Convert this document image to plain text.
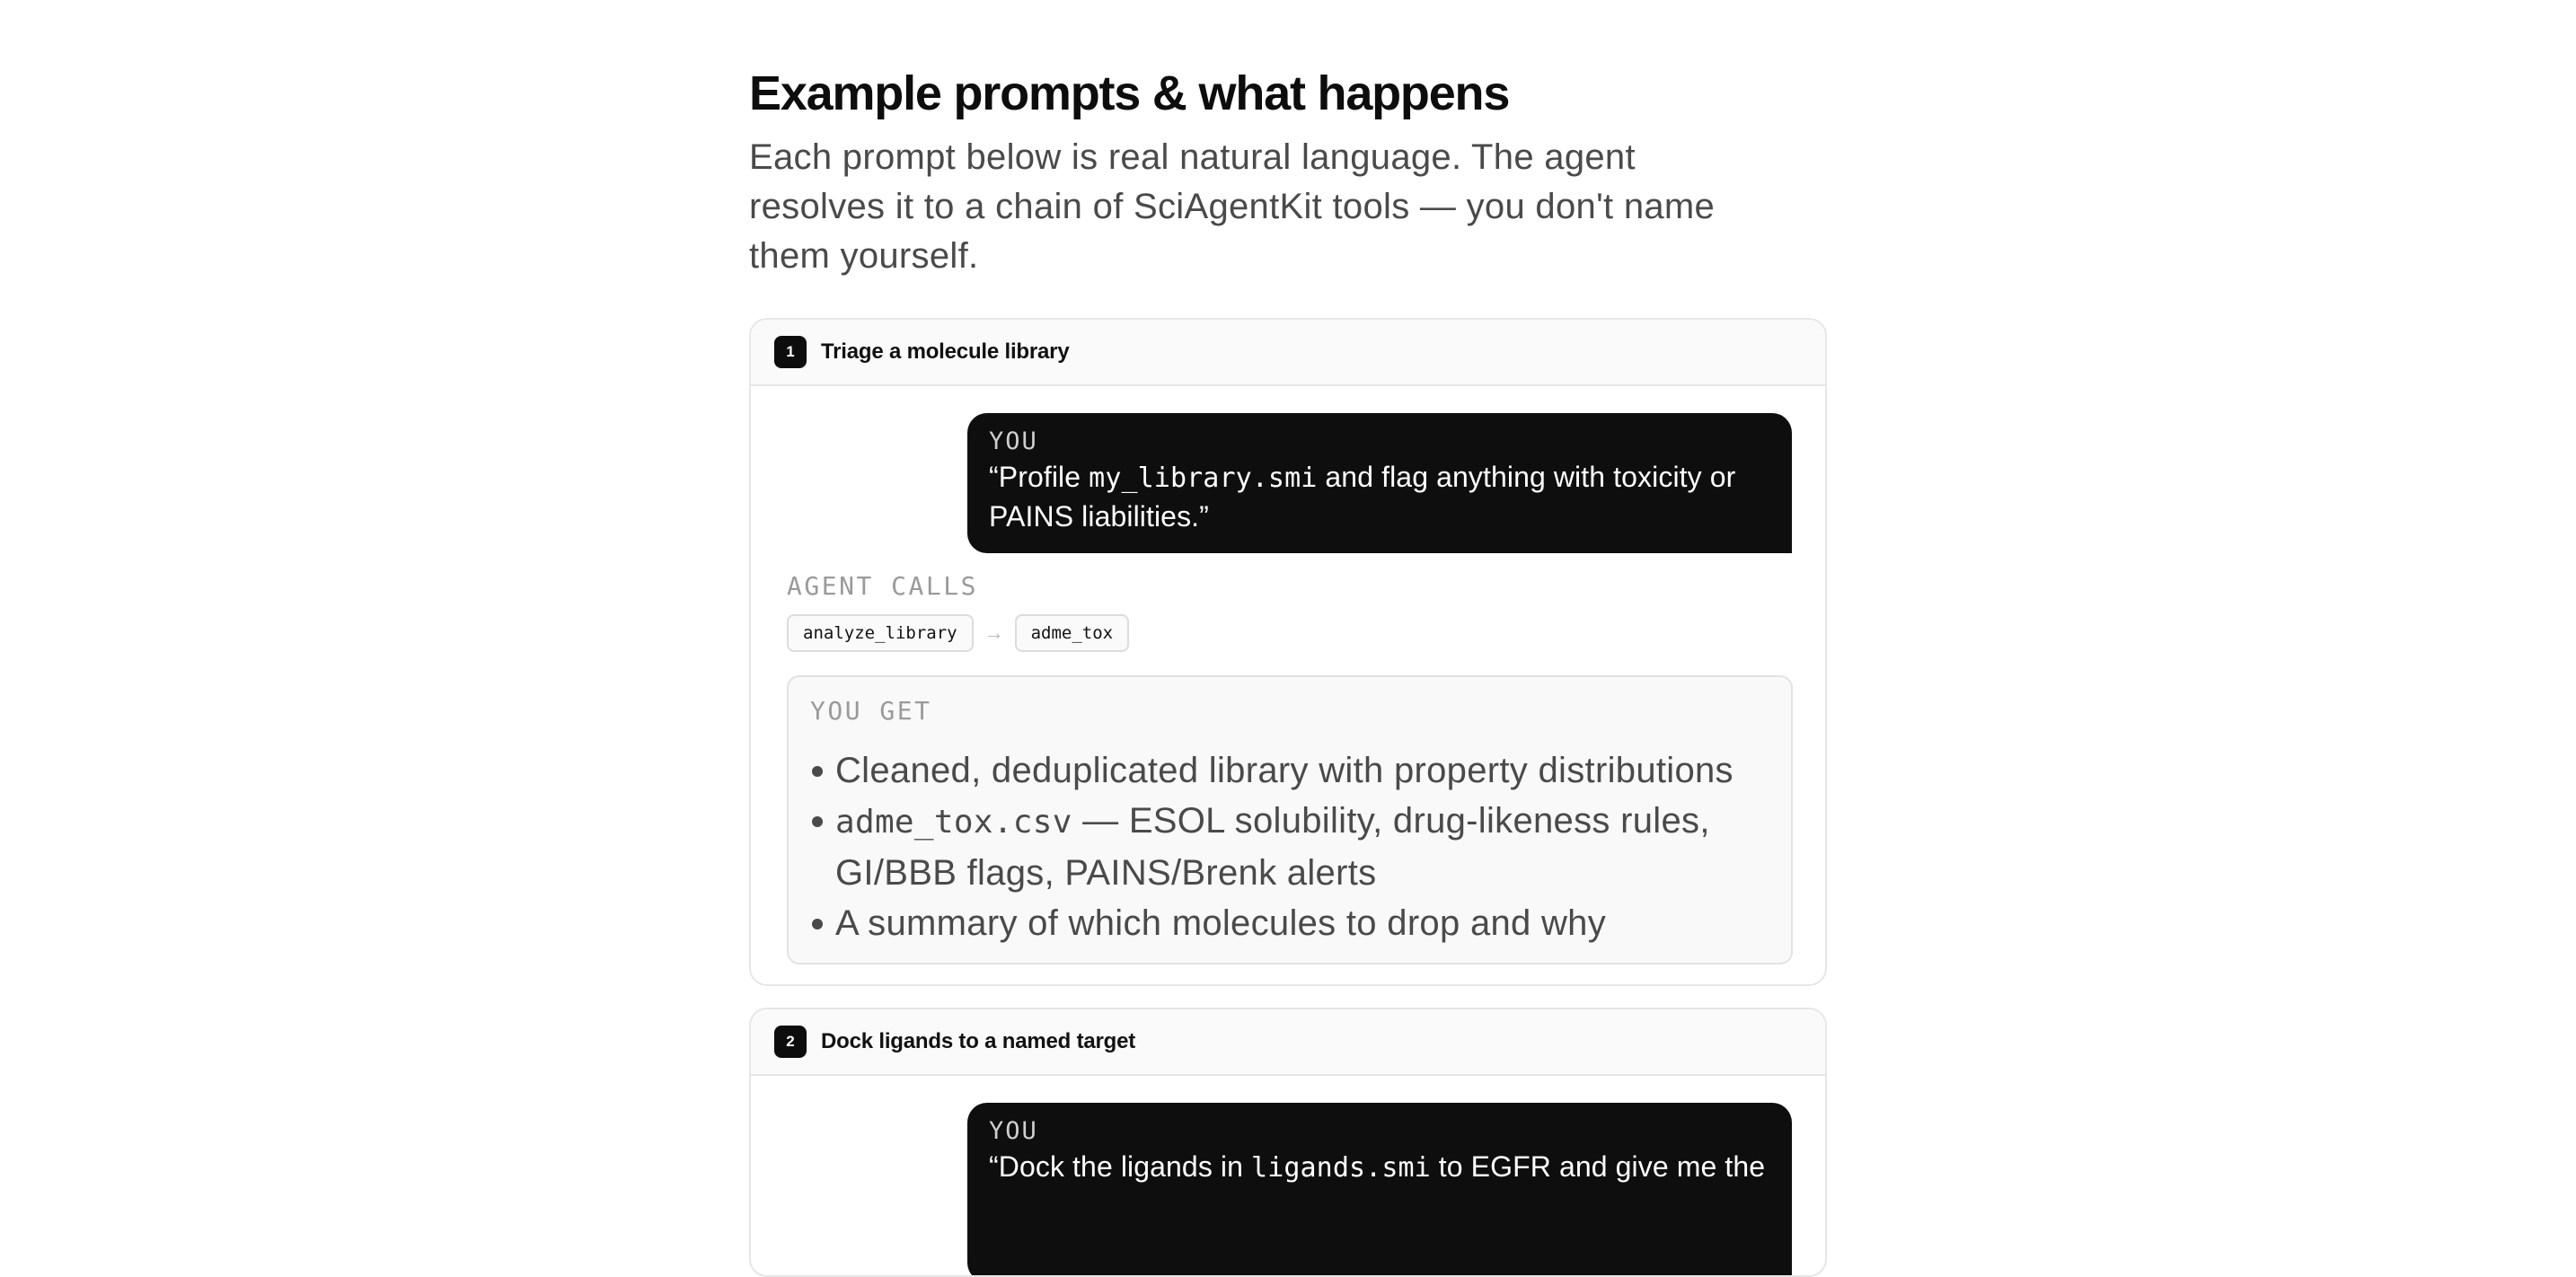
Example prompts & what happens

Each prompt below is real natural language. The agent resolves it to a chain of SciAgentKit tools — you don't name them yourself.

1	Triage a molecule library
YOU
“Profile my_library.smi and flag anything with toxicity or PAINS liabilities.”
AGENT CALLS
analyze_library	→	adme_tox
YOU GET
Cleaned, deduplicated library with property distributions
adme_tox.csv — ESOL solubility, drug-likeness rules, GI/BBB flags, PAINS/Brenk alerts
A summary of which molecules to drop and why
2	Dock ligands to a named target
YOU
“Dock the ligands in ligands.smi to EGFR and give me the
